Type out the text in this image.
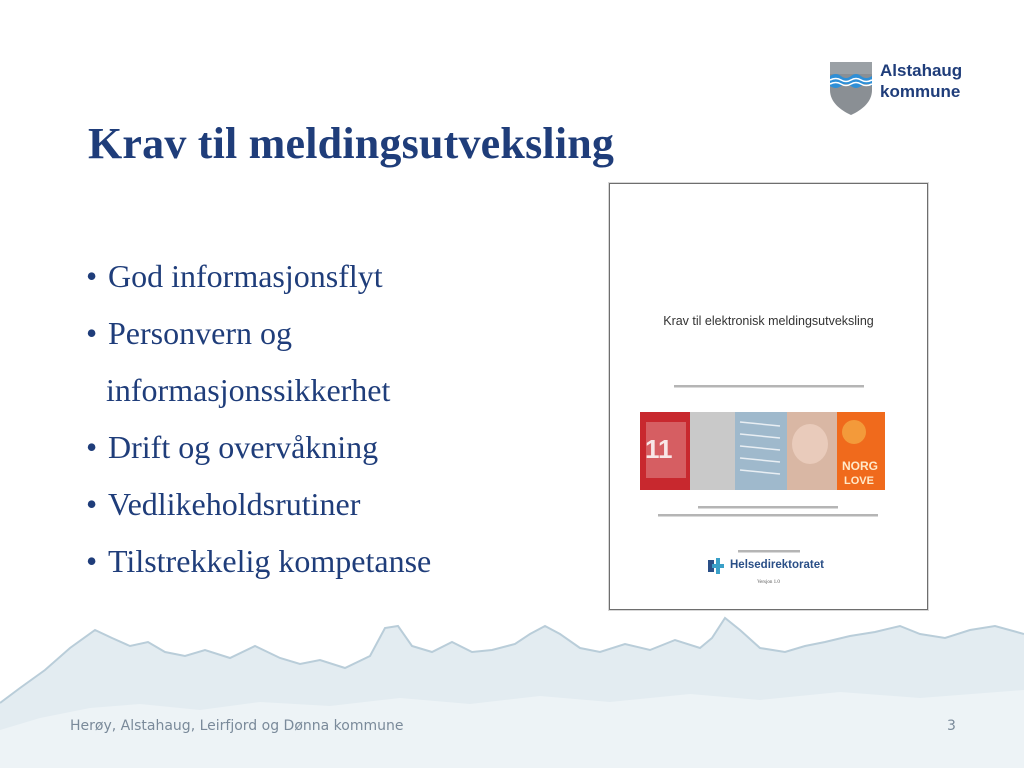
Alstahaug
kommune
Krav til meldingsutveksling
• God informasjonsflyt
• Personvern og
informasjonssikkerhet
• Drift og overvåkning
• Vedlikeholdsrutiner
• Tilstrekkelig kompetanse
Krav til elektronisk meldingsutveksling
11
NORG
LOVE
Helsedirektoratet
Versjon 1.0
Herøy, Alstahaug, Leirfjord og Dønna kommune	3
